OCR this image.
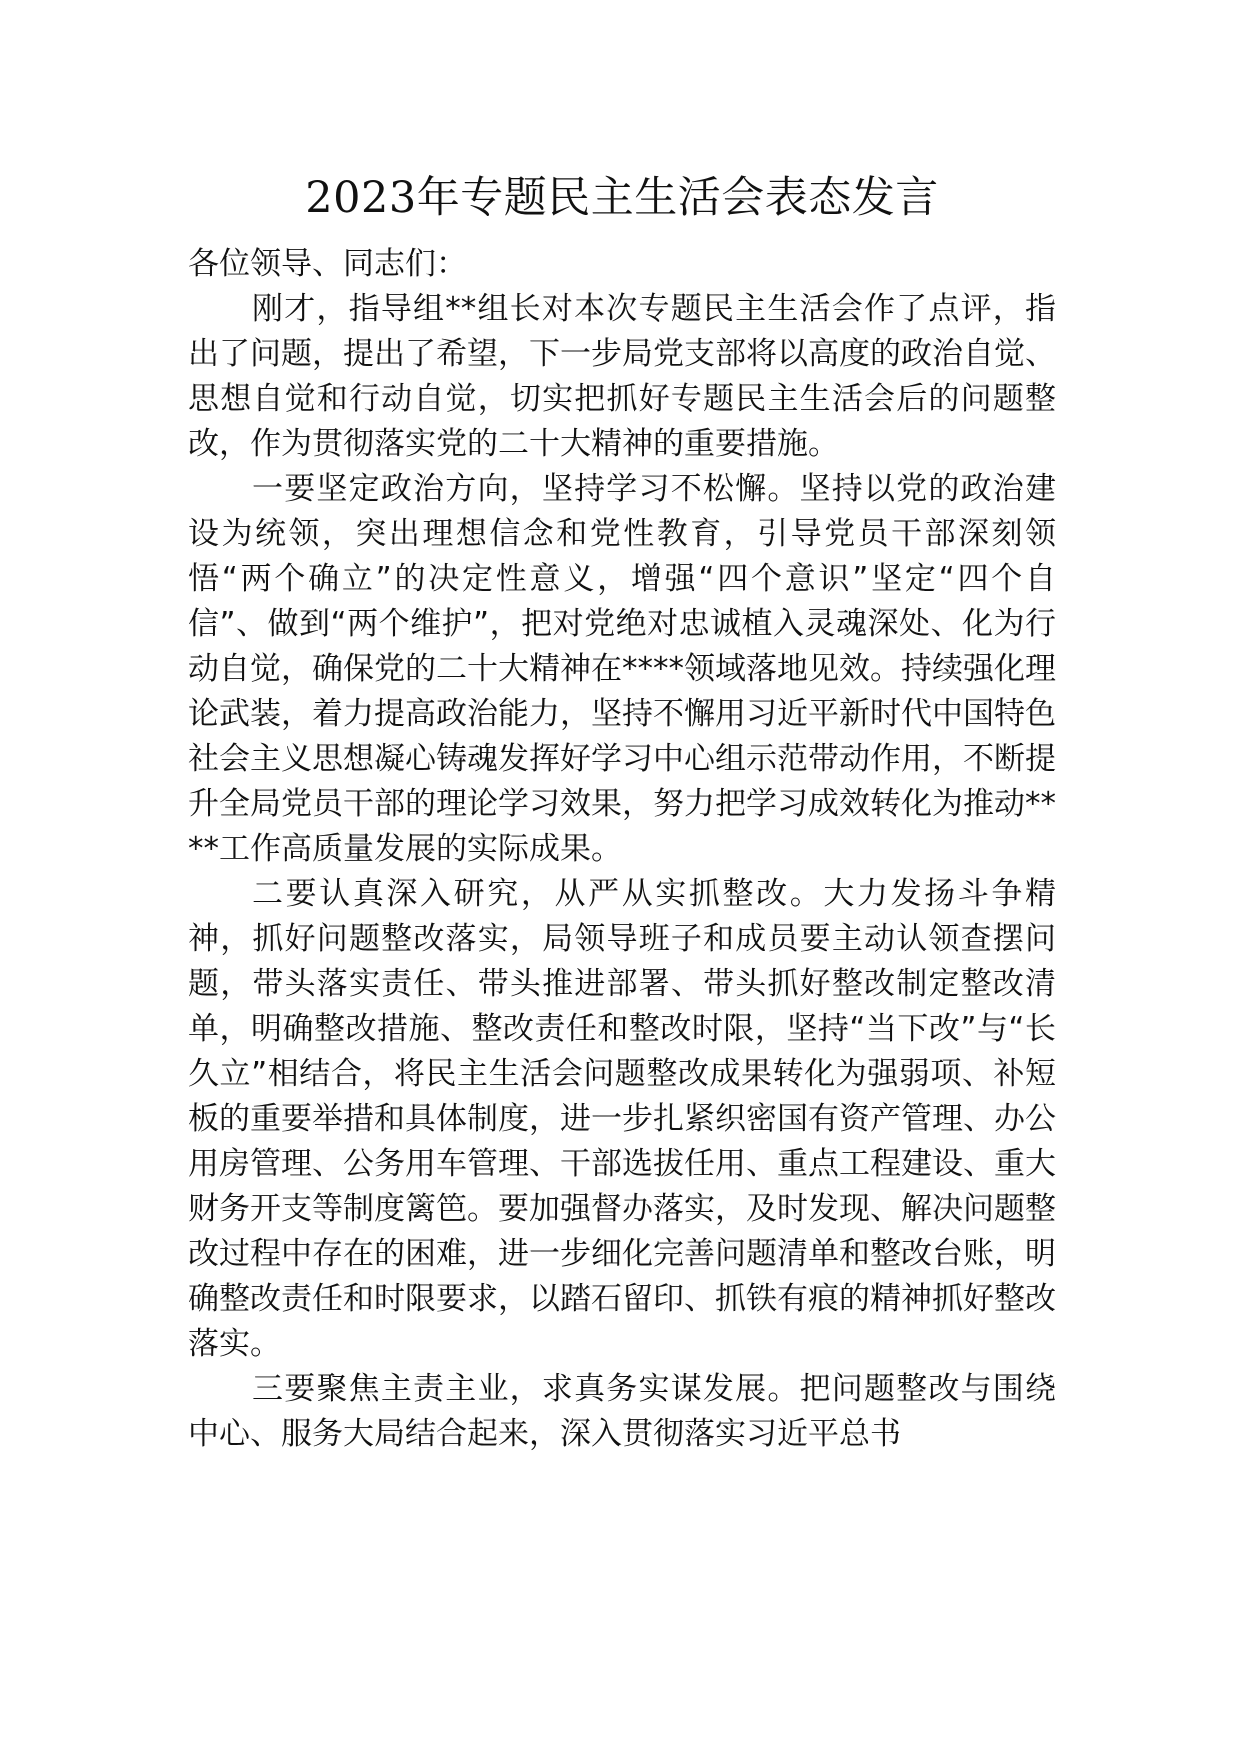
2023年专题民主生活会表态发言

各位领导、同志们：

刚才，指导组**组长对本次专题民主生活会作了点评，指出了问题，提出了希望，下一步局党支部将以高度的政治自觉、思想自觉和行动自觉，切实把抓好专题民主生活会后的问题整改，作为贯彻落实党的二十大精神的重要措施。

一要坚定政治方向，坚持学习不松懈。坚持以党的政治建设为统领，突出理想信念和党性教育，引导党员干部深刻领悟“两个确立”的决定性意义，增强“四个意识”坚定“四个自信”、做到“两个维护”，把对党绝对忠诚植入灵魂深处、化为行动自觉，确保党的二十大精神在****领域落地见效。持续强化理论武装，着力提高政治能力，坚持不懈用习近平新时代中国特色社会主义思想凝心铸魂发挥好学习中心组示范带动作用，不断提升全局党员干部的理论学习效果，努力把学习成效转化为推动****工作高质量发展的实际成果。

二要认真深入研究，从严从实抓整改。大力发扬斗争精神，抓好问题整改落实，局领导班子和成员要主动认领查摆问题，带头落实责任、带头推进部署、带头抓好整改制定整改清单，明确整改措施、整改责任和整改时限，坚持“当下改”与“长久立”相结合，将民主生活会问题整改成果转化为强弱项、补短板的重要举措和具体制度，进一步扎紧织密国有资产管理、办公用房管理、公务用车管理、干部选拔任用、重点工程建设、重大财务开支等制度篱笆。要加强督办落实，及时发现、解决问题整改过程中存在的困难，进一步细化完善问题清单和整改台账，明确整改责任和时限要求，以踏石留印、抓铁有痕的精神抓好整改落实。

三要聚焦主责主业，求真务实谋发展。把问题整改与围绕中心、服务大局结合起来，深入贯彻落实习近平总书
